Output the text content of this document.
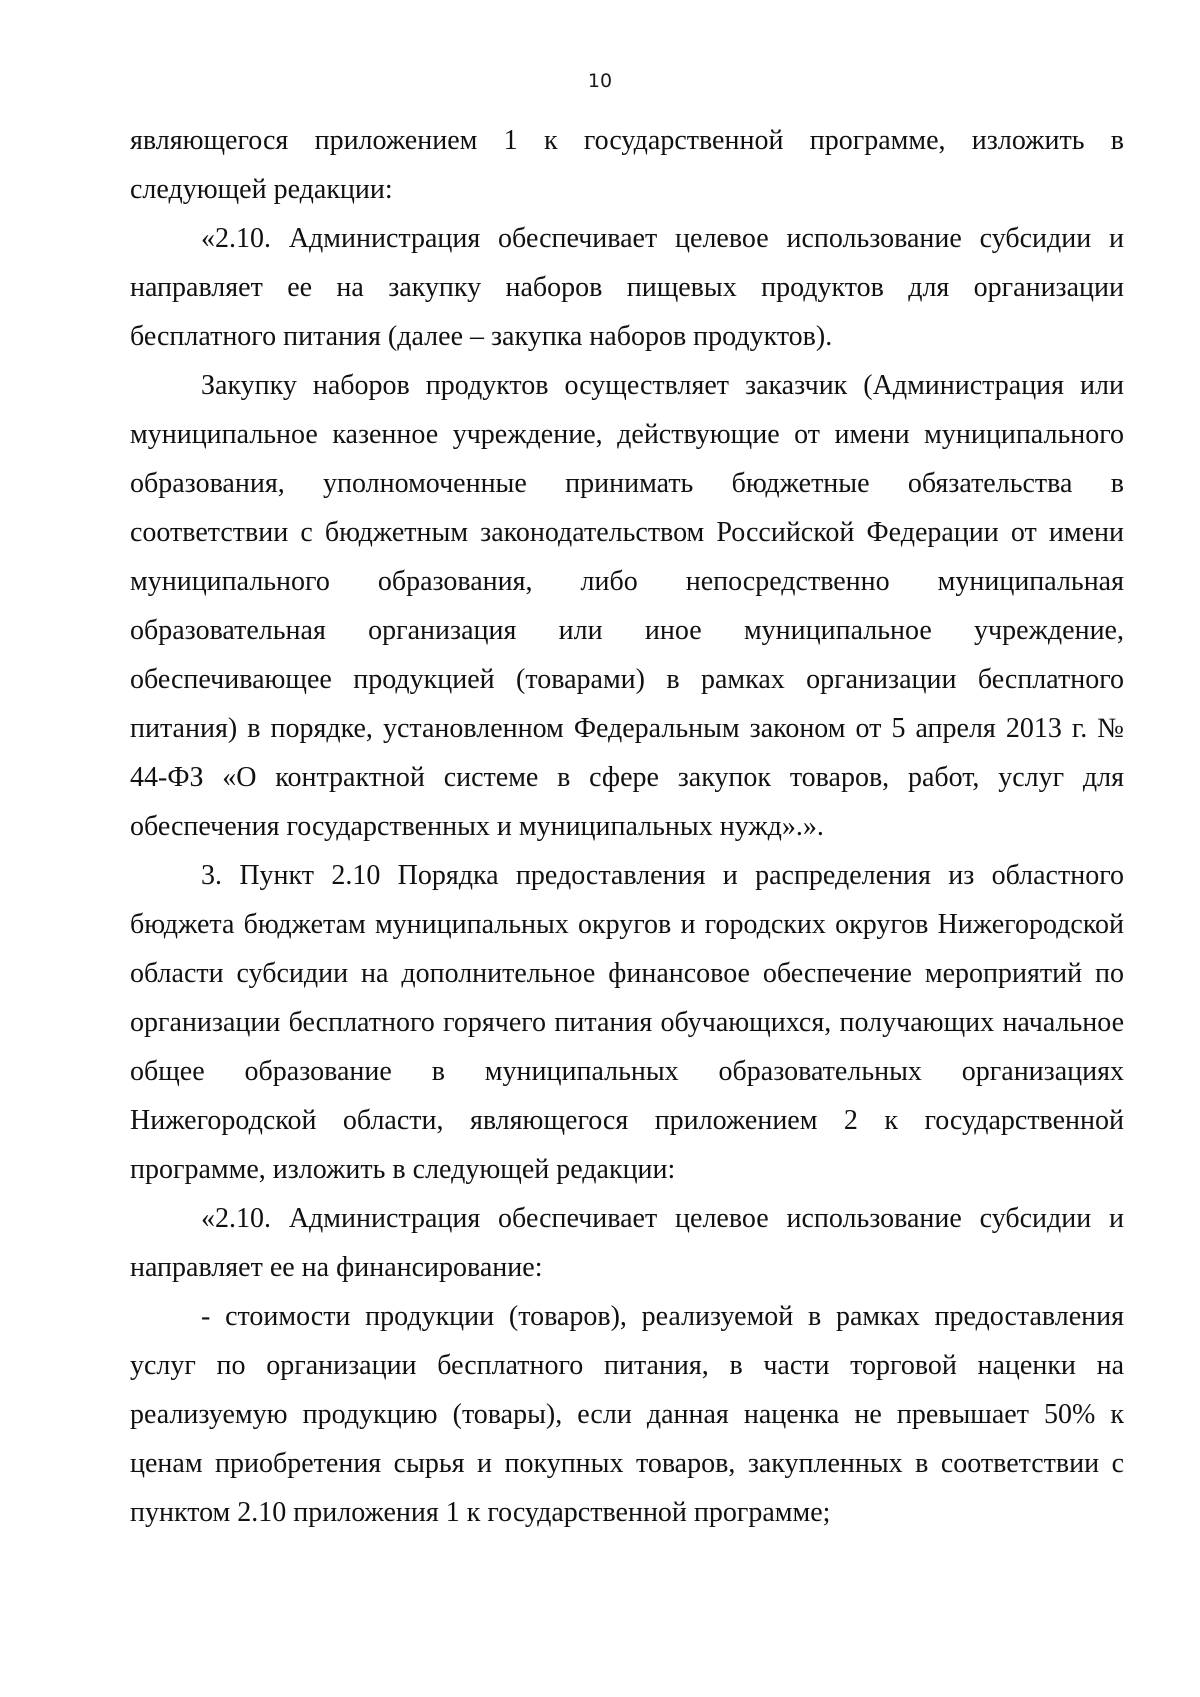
10

являющегося приложением 1 к государственной программе, изложить в следующей редакции:

«2.10. Администрация обеспечивает целевое использование субсидии и направляет ее на закупку наборов пищевых продуктов для организации бесплатного питания (далее – закупка наборов продуктов).

Закупку наборов продуктов осуществляет заказчик (Администрация или муниципальное казенное учреждение, действующие от имени муниципального образования, уполномоченные принимать бюджетные обязательства в соответствии с бюджетным законодательством Российской Федерации от имени муниципального образования, либо непосредственно муниципальная образовательная организация или иное муниципальное учреждение, обеспечивающее продукцией (товарами) в рамках организации бесплатного питания) в порядке, установленном Федеральным законом от 5 апреля 2013 г. № 44-ФЗ «О контрактной системе в сфере закупок товаров, работ, услуг для обеспечения государственных и муниципальных нужд».».

3. Пункт 2.10 Порядка предоставления и распределения из областного бюджета бюджетам муниципальных округов и городских округов Нижегородской области субсидии на дополнительное финансовое обеспечение мероприятий по организации бесплатного горячего питания обучающихся, получающих начальное общее образование в муниципальных образовательных организациях Нижегородской области, являющегося приложением 2 к государственной программе, изложить в следующей редакции:

«2.10. Администрация обеспечивает целевое использование субсидии и направляет ее на финансирование:

- стоимости продукции (товаров), реализуемой в рамках предоставления услуг по организации бесплатного питания, в части торговой наценки на реализуемую продукцию (товары), если данная наценка не превышает 50% к ценам приобретения сырья и покупных товаров, закупленных в соответствии с пунктом 2.10 приложения 1 к государственной программе;
